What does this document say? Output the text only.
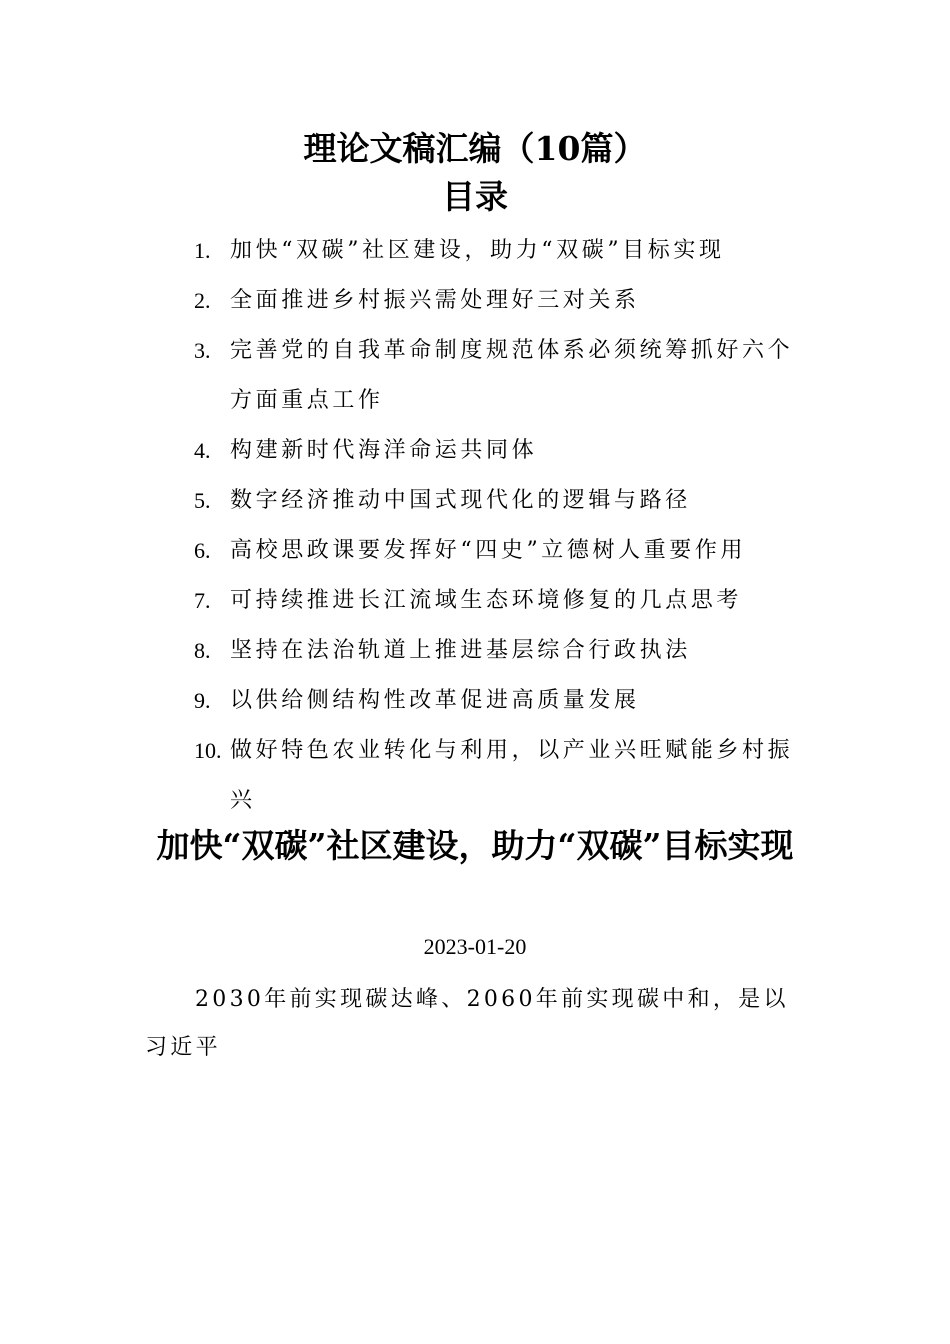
理论文稿汇编（10篇）
目录
1. 加快“双碳”社区建设，助力“双碳”目标实现
2. 全面推进乡村振兴需处理好三对关系
3. 完善党的自我革命制度规范体系必须统筹抓好六个方面重点工作
4. 构建新时代海洋命运共同体
5. 数字经济推动中国式现代化的逻辑与路径
6. 高校思政课要发挥好“四史”立德树人重要作用
7. 可持续推进长江流域生态环境修复的几点思考
8. 坚持在法治轨道上推进基层综合行政执法
9. 以供给侧结构性改革促进高质量发展
10. 做好特色农业转化与利用，以产业兴旺赋能乡村振兴
加快“双碳”社区建设，助力“双碳”目标实现
2023-01-20

2030年前实现碳达峰、2060年前实现碳中和，是以习近平
